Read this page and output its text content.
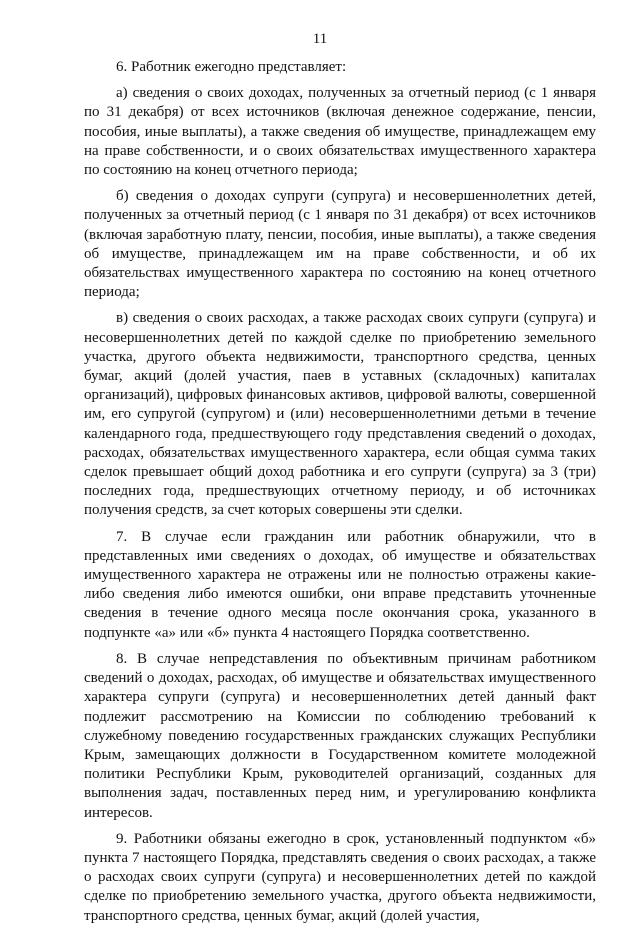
11

6. Работник ежегодно представляет:

а) сведения о своих доходах, полученных за отчетный период (с 1 января по 31 декабря) от всех источников (включая денежное содержание, пенсии, пособия, иные выплаты), а также сведения об имуществе, принадлежащем ему на праве собственности, и о своих обязательствах имущественного характера по состоянию на конец отчетного периода;

б) сведения о доходах супруги (супруга) и несовершеннолетних детей, полученных за отчетный период (с 1 января по 31 декабря) от всех источников (включая заработную плату, пенсии, пособия, иные выплаты), а также сведения об имуществе, принадлежащем им на праве собственности, и об их обязательствах имущественного характера по состоянию на конец отчетного периода;

в) сведения о своих расходах, а также расходах своих супруги (супруга) и несовершеннолетних детей по каждой сделке по приобретению земельного участка, другого объекта недвижимости, транспортного средства, ценных бумаг, акций (долей участия, паев в уставных (складочных) капиталах организаций), цифровых финансовых активов, цифровой валюты, совершенной им, его супругой (супругом) и (или) несовершеннолетними детьми в течение календарного года, предшествующего году представления сведений о доходах, расходах, обязательствах имущественного характера, если общая сумма таких сделок превышает общий доход работника и его супруги (супруга) за 3 (три) последних года, предшествующих отчетному периоду, и об источниках получения средств, за счет которых совершены эти сделки.

7. В случае если гражданин или работник обнаружили, что в представленных ими сведениях о доходах, об имуществе и обязательствах имущественного характера не отражены или не полностью отражены какие-либо сведения либо имеются ошибки, они вправе представить уточненные сведения в течение одного месяца после окончания срока, указанного в подпункте «а» или «б» пункта 4 настоящего Порядка соответственно.

8. В случае непредставления по объективным причинам работником сведений о доходах, расходах, об имуществе и обязательствах имущественного характера супруги (супруга) и несовершеннолетних детей данный факт подлежит рассмотрению на Комиссии по соблюдению требований к служебному поведению государственных гражданских служащих Республики Крым, замещающих должности в Государственном комитете молодежной политики Республики Крым, руководителей организаций, созданных для выполнения задач, поставленных перед ним, и урегулированию конфликта интересов.

9. Работники обязаны ежегодно в срок, установленный подпунктом «б» пункта 7 настоящего Порядка, представлять сведения о своих расходах, а также о расходах своих супруги (супруга) и несовершеннолетних детей по каждой сделке по приобретению земельного участка, другого объекта недвижимости, транспортного средства, ценных бумаг, акций (долей участия,
